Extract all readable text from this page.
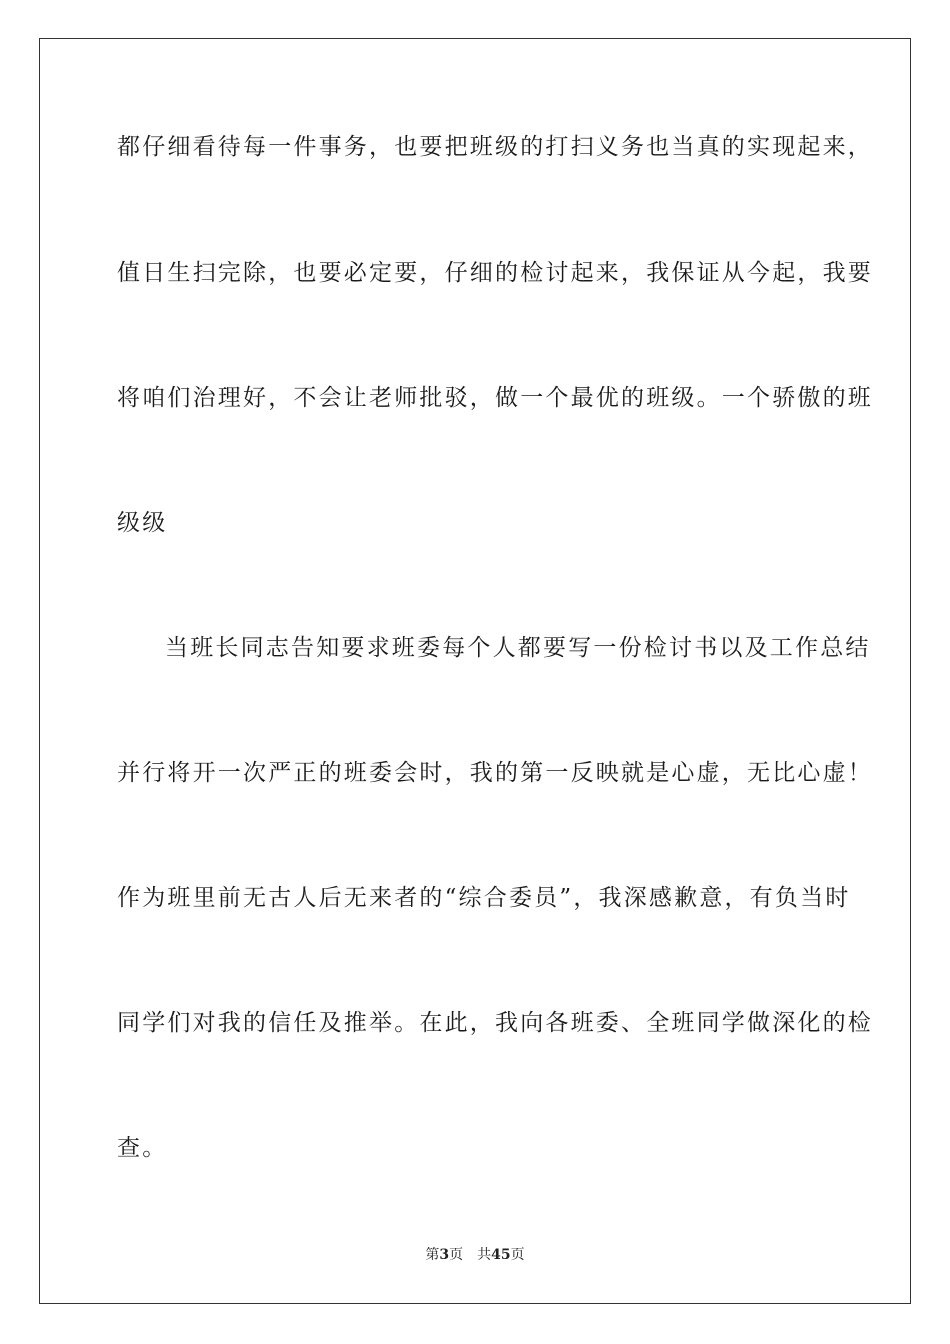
都仔细看待每一件事务，也要把班级的打扫义务也当真的实现起来，
值日生扫完除，也要必定要，仔细的检讨起来，我保证从今起，我要
将咱们治理好，不会让老师批驳，做一个最优的班级。一个骄傲的班
级级
当班长同志告知要求班委每个人都要写一份检讨书以及工作总结
并行将开一次严正的班委会时，我的第一反映就是心虚，无比心虚！
作为班里前无古人后无来者的“综合委员”，我深感歉意，有负当时
同学们对我的信任及推举。在此，我向各班委、全班同学做深化的检
查。
第3页 共45页
